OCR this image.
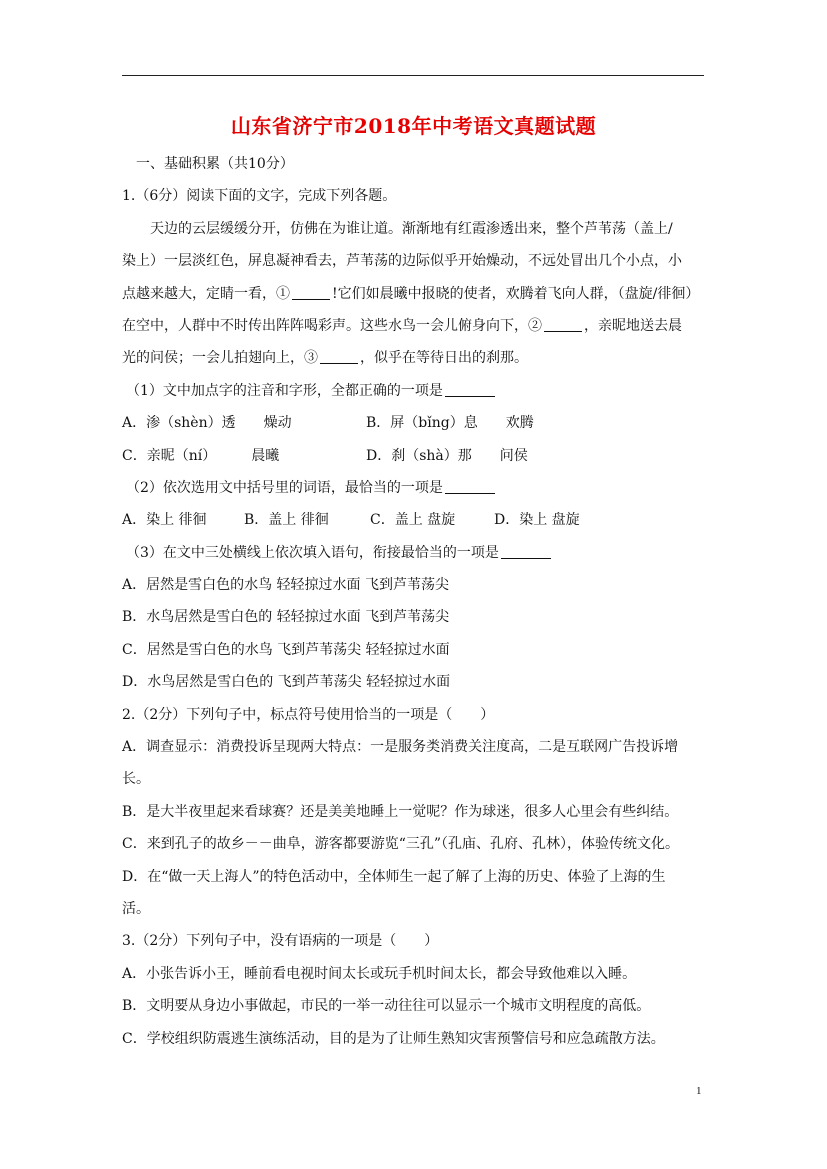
山东省济宁市2018年中考语文真题试题
一、基础积累（共10分）
1.（6分）阅读下面的文字，完成下列各题。
天边的云层缓缓分开，仿佛在为谁让道。渐渐地有红霞渗透出来，整个芦苇荡（盖上/
染上）一层淡红色，屏息凝神看去，芦苇荡的边际似乎开始燥动，不远处冒出几个小点，小
点越来越大，定睛一看，①	!它们如晨曦中报晓的使者，欢腾着飞向人群，（盘旋/徘徊）
在空中，人群中不时传出阵阵喝彩声。这些水鸟一会儿俯身向下，②	，亲昵地送去晨
光的问侯；一会儿拍翅向上，③	，似乎在等待日出的刹那。
（1）文中加点字的注音和字形，全都正确的一项是
A．渗（shèn）透　　燥动	B．屏（bǐng）息　　欢腾
C．亲昵（ní）　　　晨曦	D．刹（shà）那　　问侯
（2）依次选用文中括号里的词语，最恰当的一项是
A．染上 徘徊	B．盖上 徘徊	C．盖上 盘旋	D．染上 盘旋
（3）在文中三处横线上依次填入语句，衔接最恰当的一项是
A．居然是雪白色的水鸟 轻轻掠过水面 飞到芦苇荡尖
B．水鸟居然是雪白色的 轻轻掠过水面 飞到芦苇荡尖
C．居然是雪白色的水鸟 飞到芦苇荡尖 轻轻掠过水面
D．水鸟居然是雪白色的 飞到芦苇荡尖 轻轻掠过水面
2.（2分）下列句子中，标点符号使用恰当的一项是（　　）
A．调查显示：消费投诉呈现两大特点：一是服务类消费关注度高，二是互联网广告投诉增
长。
B．是大半夜里起来看球赛？还是美美地睡上一觉呢？作为球迷，很多人心里会有些纠结。
C．来到孔子的故乡－－曲阜，游客都要游览“三孔”（孔庙、孔府、孔林），体验传统文化。
D．在“做一天上海人”的特色活动中，全体师生一起了解了上海的历史、体验了上海的生
活。
3.（2分）下列句子中，没有语病的一项是（　　）
A．小张告诉小王，睡前看电视时间太长或玩手机时间太长，都会导致他难以入睡。
B．文明要从身边小事做起，市民的一举一动往往可以显示一个城市文明程度的高低。
C．学校组织防震逃生演练活动，目的是为了让师生熟知灾害预警信号和应急疏散方法。
1
